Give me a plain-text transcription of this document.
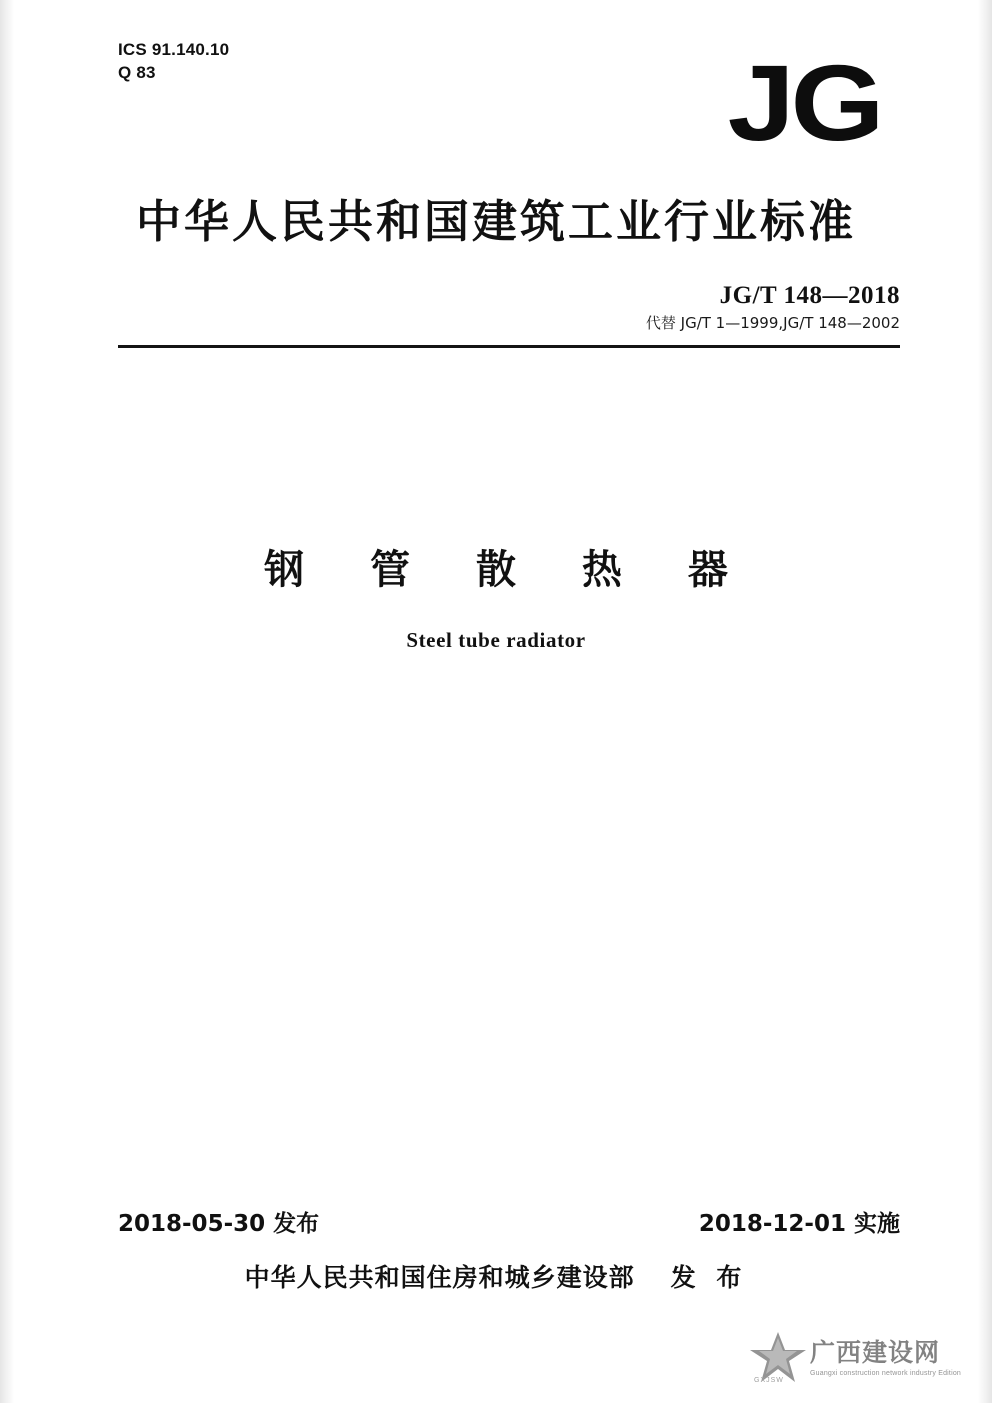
ICS 91.140.10
Q 83	JG
中华人民共和国建筑工业行业标准
JG/T 148—2018
代替 JG/T 1—1999,JG/T 148—2002
钢 管 散 热 器
Steel tube radiator
2018-05-30 发布	2018-12-01 实施
中华人民共和国住房和城乡建设部 发 布
GXJSW
广西建设网
Guangxi construction network industry Edition
